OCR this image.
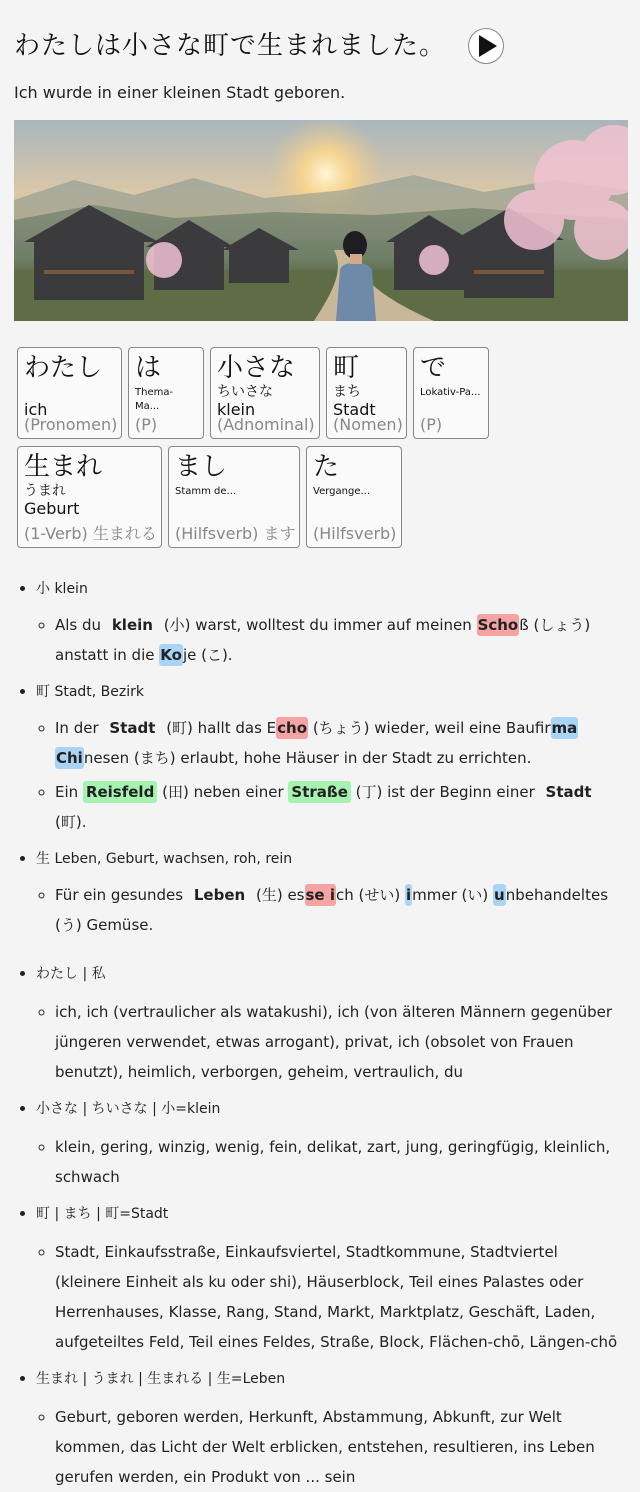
わたしは小さな町で生まれました。
Ich wurde in einer kleinen Stadt geboren.
わたし
ich
(Pronomen)
は
Thema-Ma...
(P)
小さな
ちいさな
klein
(Adnominal)
町
まち
Stadt
(Nomen)
で
Lokativ-Pa...
(P)
生まれ
うまれ
Geburt
(1-Verb) 生まれる
まし
Stamm de...
(Hilfsverb) ます
た
Vergange...
(Hilfsverb)
• 小 klein
◦ Als du klein (小) warst, wolltest du immer auf meinen Schoß (しょう) anstatt in die Koje (こ).
• 町 Stadt, Bezirk
◦ In der Stadt (町) hallt das Echo (ちょう) wieder, weil eine Baufirma Chinesen (まち) erlaubt, hohe Häuser in der Stadt zu errichten.
◦ Ein Reisfeld (田) neben einer Straße (丁) ist der Beginn einer Stadt (町).
• 生 Leben, Geburt, wachsen, roh, rein
◦ Für ein gesundes Leben (生) esse ich (せい) immer (い) unbehandeltes (う) Gemüse.
• わたし | 私
◦ ich, ich (vertraulicher als watakushi), ich (von älteren Männern gegenüber jüngeren verwendet, etwas arrogant), privat, ich (obsolet von Frauen benutzt), heimlich, verborgen, geheim, vertraulich, du
• 小さな | ちいさな | 小=klein
◦ klein, gering, winzig, wenig, fein, delikat, zart, jung, geringfügig, kleinlich, schwach
• 町 | まち | 町=Stadt
◦ Stadt, Einkaufsstraße, Einkaufsviertel, Stadtkommune, Stadtviertel (kleinere Einheit als ku oder shi), Häuserblock, Teil eines Palastes oder Herrenhauses, Klasse, Rang, Stand, Markt, Marktplatz, Geschäft, Laden, aufgeteiltes Feld, Teil eines Feldes, Straße, Block, Flächen-chō, Längen-chō
• 生まれ | うまれ | 生まれる | 生=Leben
◦ Geburt, geboren werden, Herkunft, Abstammung, Abkunft, zur Welt kommen, das Licht der Welt erblicken, entstehen, resultieren, ins Leben gerufen werden, ein Produkt von ... sein
